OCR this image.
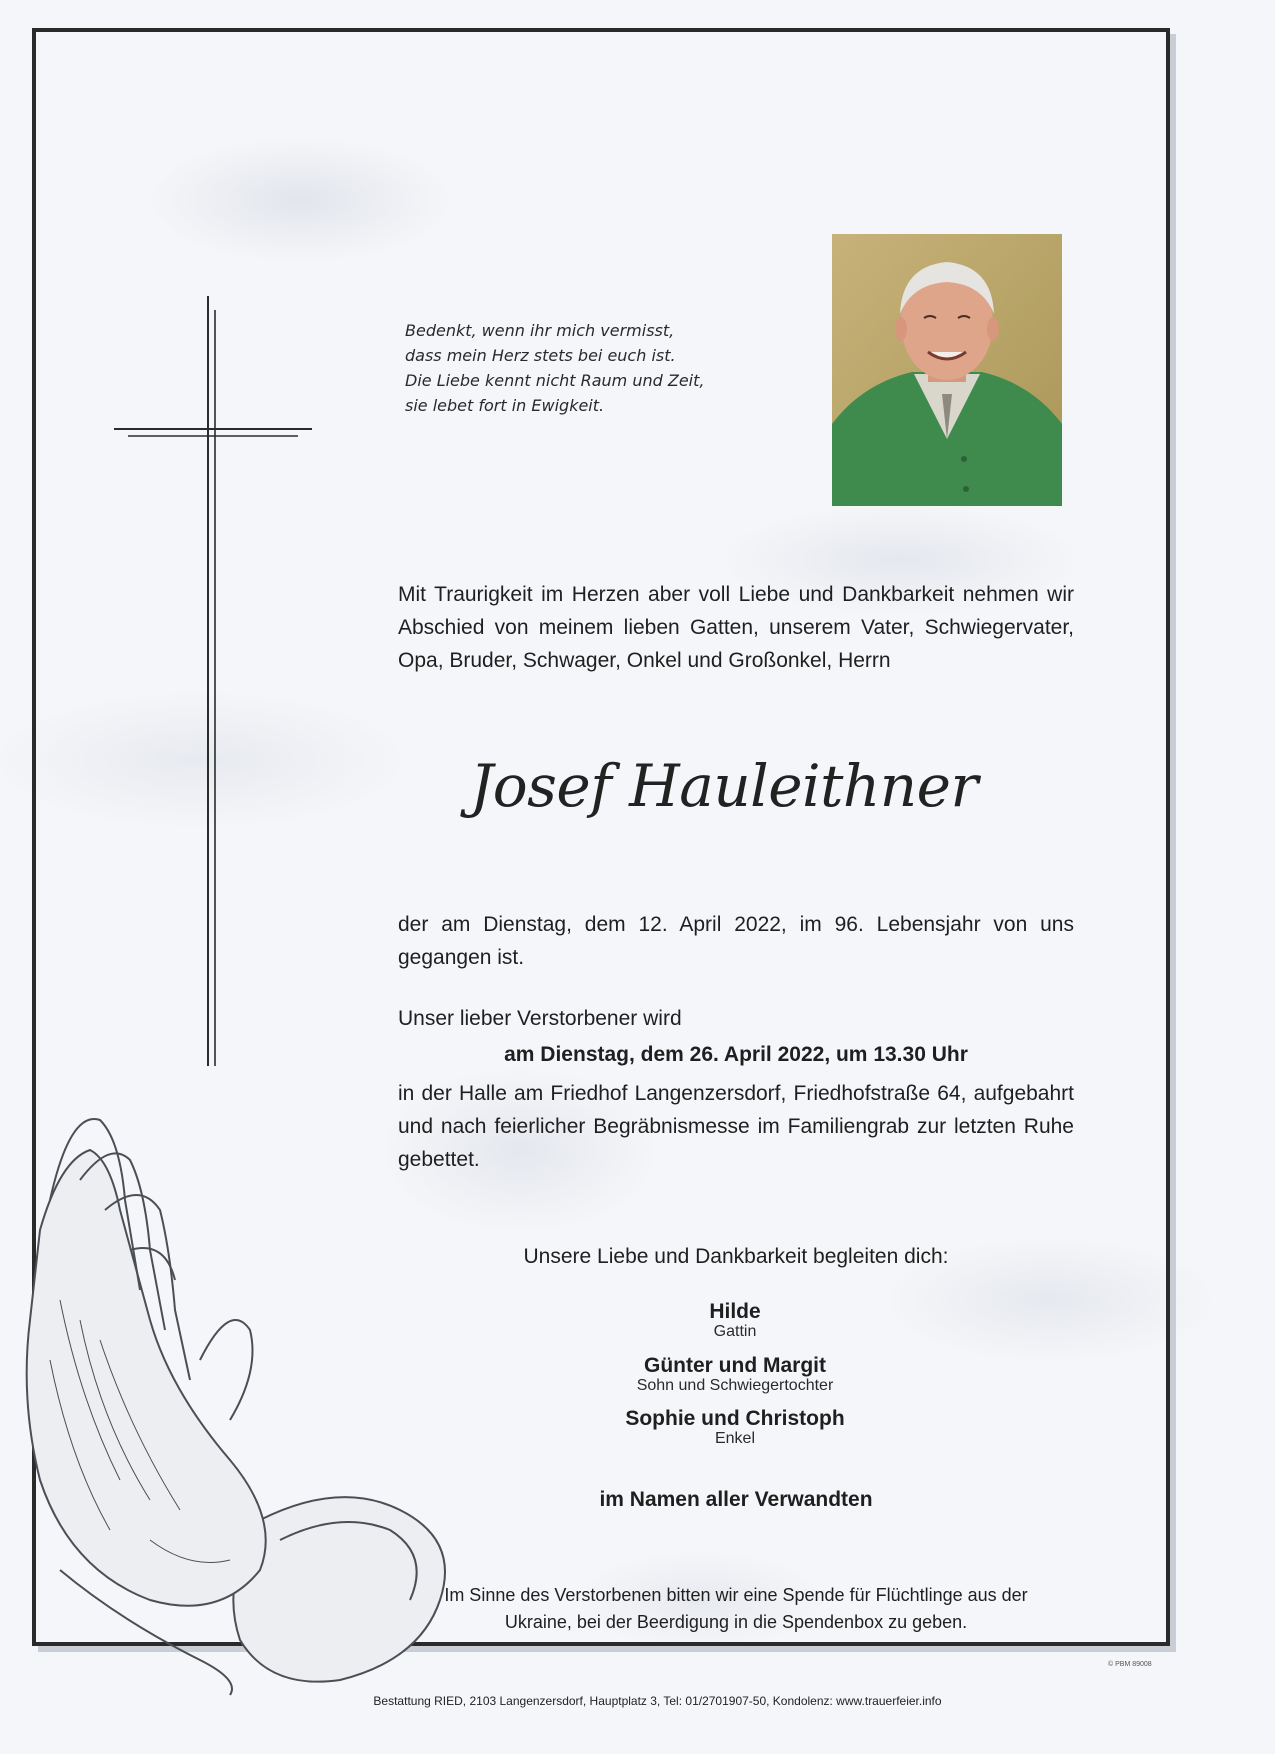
Bedenkt, wenn ihr mich vermisst,
dass mein Herz stets bei euch ist.
Die Liebe kennt nicht Raum und Zeit,
sie lebet fort in Ewigkeit.
Mit Traurigkeit im Herzen aber voll Liebe und Dankbarkeit nehmen wir Abschied von meinem lieben Gatten, unserem Vater, Schwiegervater, Opa, Bruder, Schwager, Onkel und Großonkel, Herrn
Josef Hauleithner
der am Dienstag, dem 12. April 2022, im 96. Lebensjahr von uns gegangen ist.
Unser lieber Verstorbener wird
am Dienstag, dem 26. April 2022, um 13.30 Uhr
in der Halle am Friedhof Langenzersdorf, Friedhofstraße 64, aufgebahrt und nach feierlicher Begräbnismesse im Familiengrab zur letzten Ruhe gebettet.
Unsere Liebe und Dankbarkeit begleiten dich:
Hilde
Gattin
Günter und Margit
Sohn und Schwiegertochter
Sophie und Christoph
Enkel
im Namen aller Verwandten
Im Sinne des Verstorbenen bitten wir eine Spende für Flüchtlinge aus der
Ukraine, bei der Beerdigung in die Spendenbox zu geben.
© PBM 89008
Bestattung RIED, 2103 Langenzersdorf, Hauptplatz 3, Tel: 01/2701907-50, Kondolenz: www.trauerfeier.info
